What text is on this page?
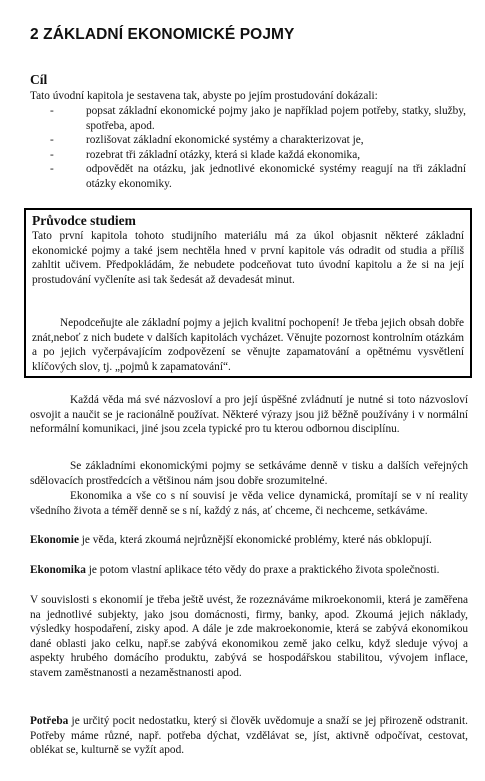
2 ZÁKLADNÍ EKONOMICKÉ POJMY
Cíl

Tato úvodní kapitola je sestavena tak, abyste po jejím prostudování dokázali:

-	popsat základní ekonomické pojmy jako je například pojem potřeby, statky, služby, spotřeba, apod.
-	rozlišovat základní ekonomické systémy a charakterizovat je,
-	rozebrat tři základní otázky, která si klade každá ekonomika,
-	odpovědět na otázku, jak jednotlivé ekonomické systémy reagují na tři základní otázky ekonomiky.
Průvodce studiem

Tato první kapitola tohoto studijního materiálu má za úkol objasnit některé základní ekonomické pojmy a také jsem nechtěla hned v první kapitole vás odradit od studia a příliš zahltit učivem. Předpokládám, že nebudete podceňovat tuto úvodní kapitolu a že si na její prostudování vyčleníte asi tak šedesát až devadesát minut.

Nepodceňujte ale základní pojmy a jejich kvalitní pochopení! Je třeba jejich obsah dobře znát,neboť z nich budete v dalších kapitolách vycházet. Věnujte pozornost kontrolním otázkám a po jejich vyčerpávajícím zodpovězení se věnujte zapamatování a opětnému vysvětlení klíčových slov, tj. „pojmů k zapamatování“.

Každá věda má své názvosloví a pro její úspěšné zvládnutí je nutné si toto názvosloví osvojit a naučit se je racionálně používat. Některé výrazy jsou již běžně používány i v normální neformální komunikaci, jiné jsou zcela typické pro tu kterou odbornou disciplínu.

Se základními ekonomickými pojmy se setkáváme denně v tisku a dalších veřejných sdělovacích prostředcích a většinou nám jsou dobře srozumitelné.

Ekonomika a vše co s ní souvisí je věda velice dynamická, promítají se v ní reality všedního života a téměř denně se s ní, každý z nás, ať chceme, či nechceme, setkáváme.

Ekonomie je věda, která zkoumá nejrůznější ekonomické problémy, které nás obklopují.

Ekonomika je potom vlastní aplikace této vědy do praxe a praktického života společnosti.

V souvislosti s ekonomií je třeba ještě uvést, že rozeznáváme mikroekonomii, která je zaměřena na jednotlivé subjekty, jako jsou domácnosti, firmy, banky, apod. Zkoumá jejich náklady, výsledky hospodaření, zisky apod. A dále je zde makroekonomie, která se zabývá ekonomikou dané oblasti jako celku, např.se zabývá ekonomikou země jako celku, když sleduje vývoj a aspekty hrubého domácího produktu, zabývá se hospodářskou stabilitou, vývojem inflace, stavem zaměstnanosti a nezaměstnanosti apod.

Potřeba je určitý pocit nedostatku, který si člověk uvědomuje a snaží se jej přirozeně odstranit. Potřeby máme různé, např. potřeba dýchat, vzdělávat se, jíst, aktivně odpočívat, cestovat, oblékat se, kulturně se vyžít apod.
